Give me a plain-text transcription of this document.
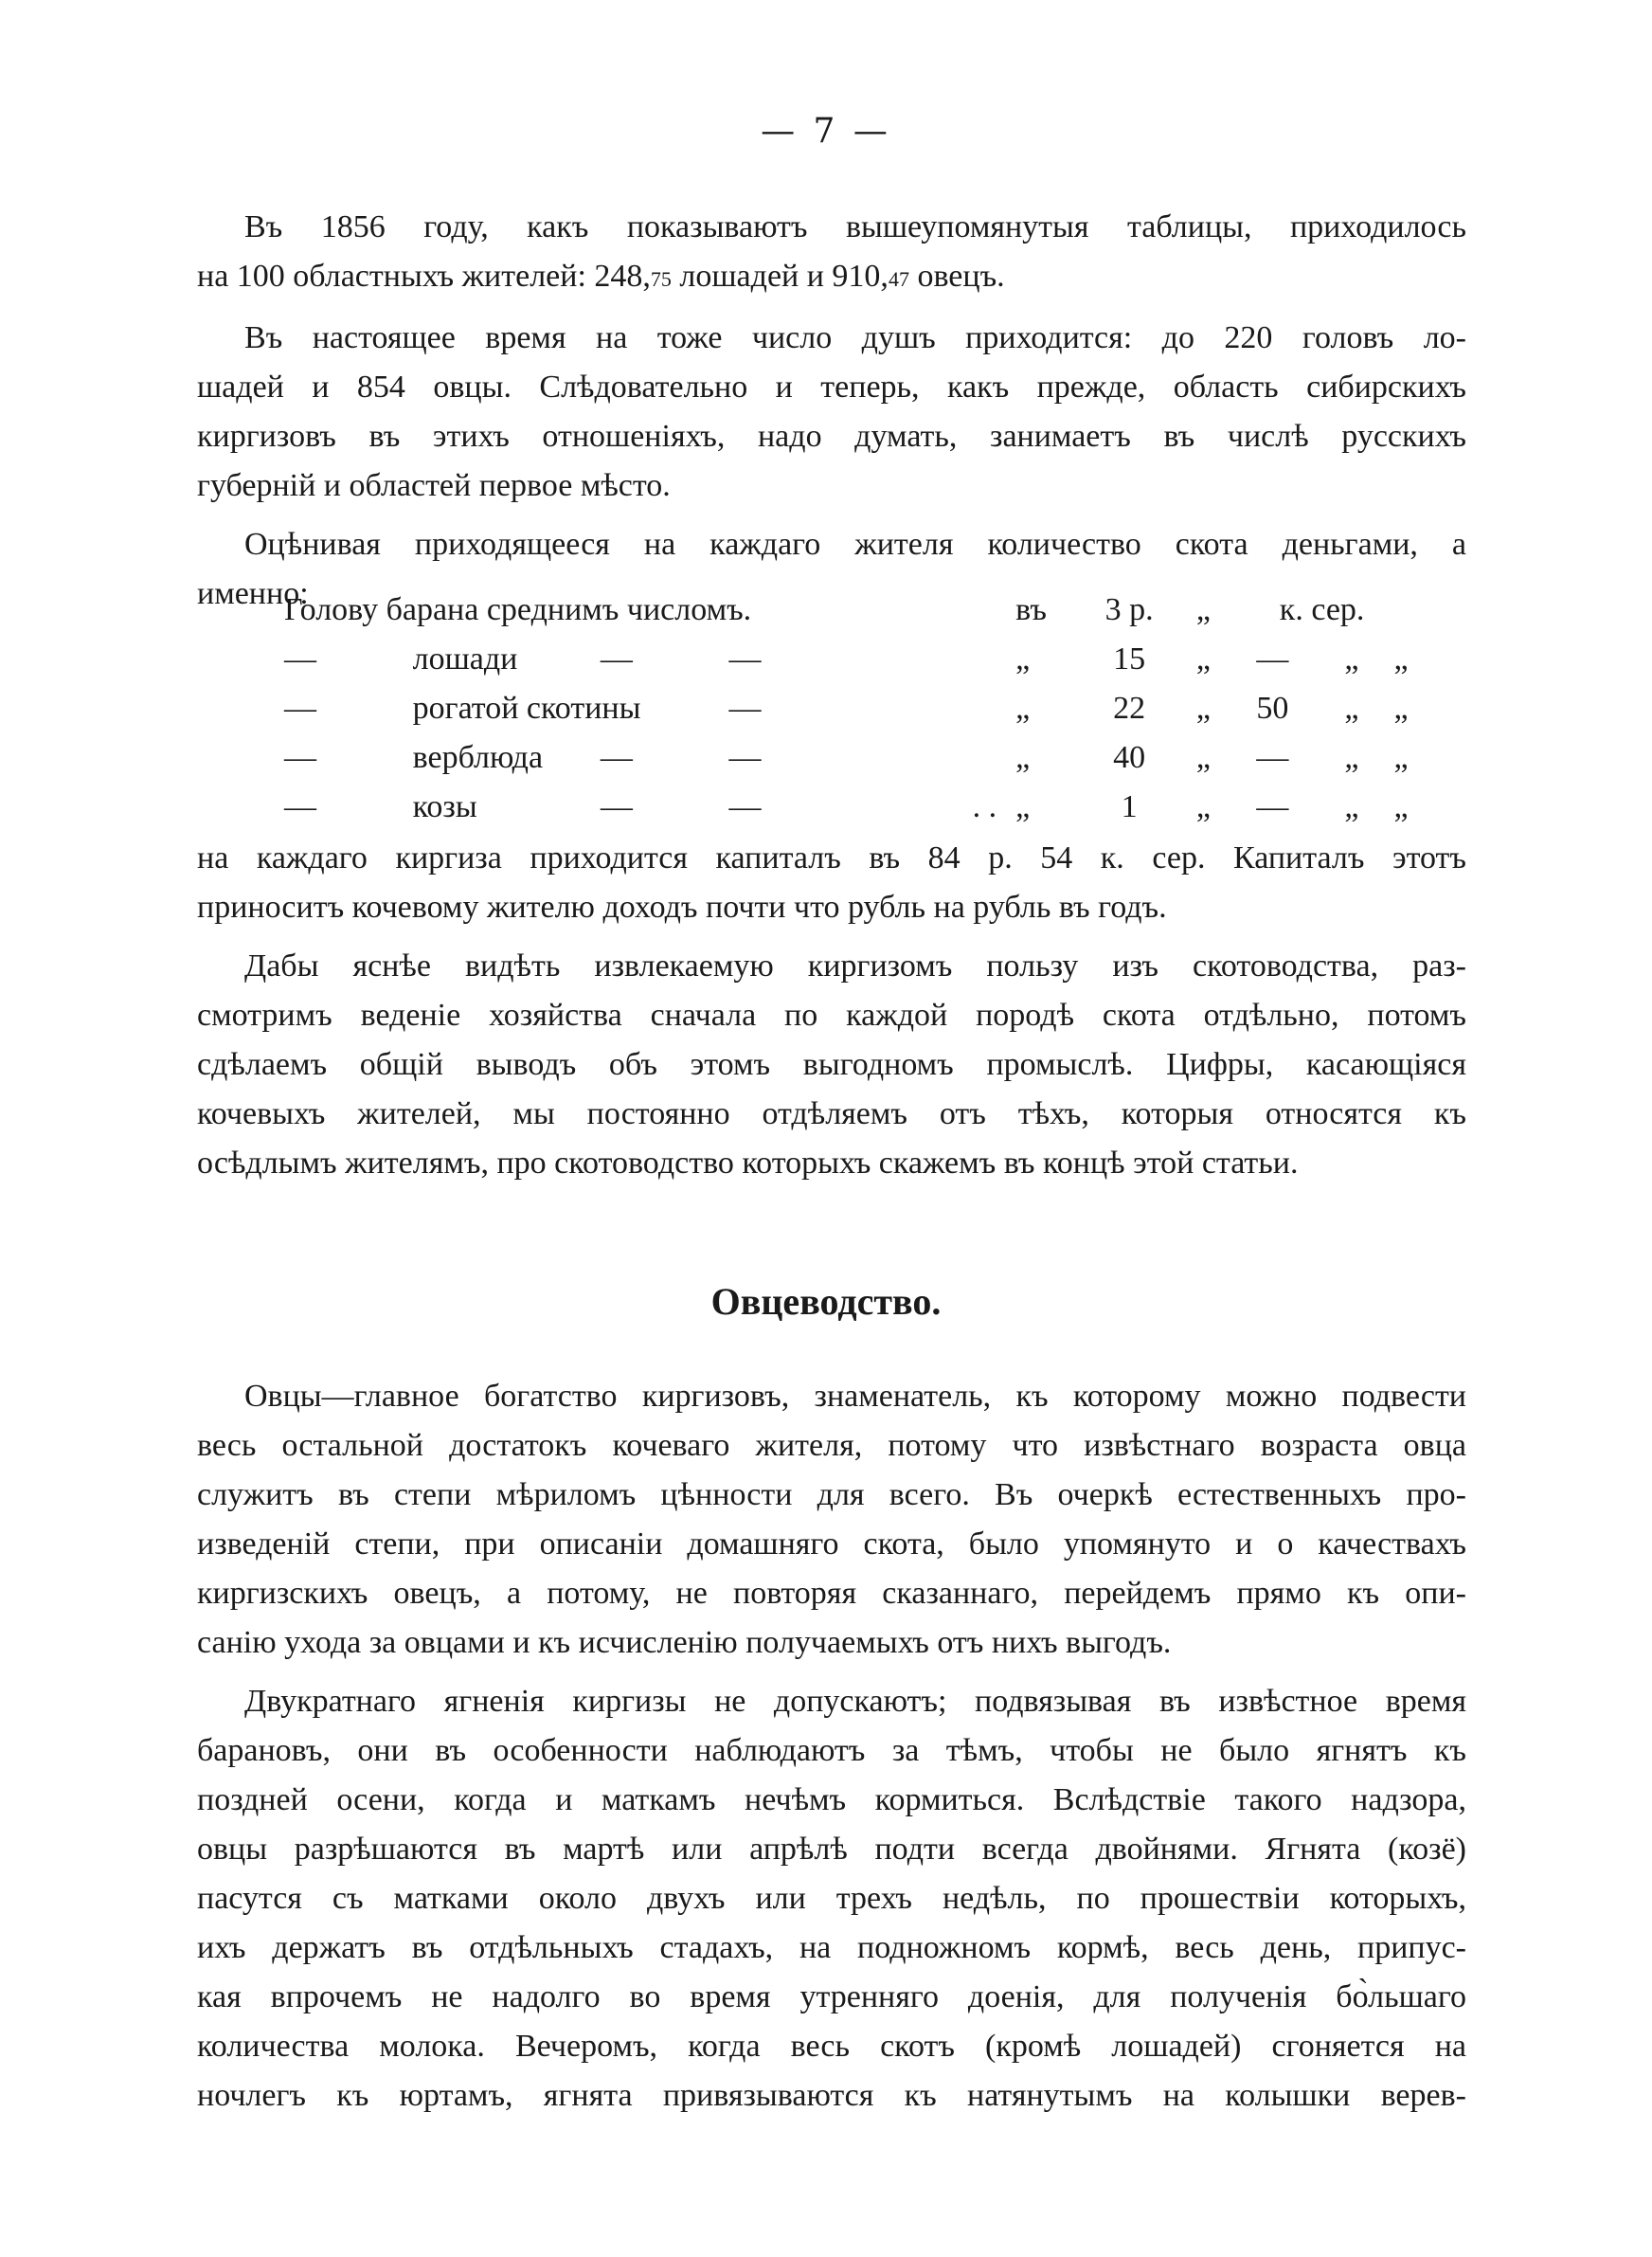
— 7 —

Въ 1856 году, какъ показываютъ вышеупомянутыя таблицы, приходилось
на 100 областныхъ жителей: 248,75 лошадей и 910,47 овецъ.

Въ настоящее время на тоже число душъ приходится: до 220 головъ ло-
шадей и 854 овцы. Слѣдовательно и теперь, какъ прежде, область сибирскихъ
киргизовъ въ этихъ отношеніяхъ, надо думать, занимаетъ въ числѣ русскихъ
губерній и областей первое мѣсто.

Оцѣнивая приходящееся на каждаго жителя количество скота деньгами, а
именно:

Голову барана среднимъ числомъ.					въ	3 р.	„	к. сер.		
—	лошади	—	—		„	15	„	—	„	„
—	рогатой скотины		—		„	22	„	50	„	„
—	верблюда	—	—		„	40	„	—	„	„
—	козы	—	—	. .	„	1	„	—	„	„

на каждаго киргиза приходится капиталъ въ 84 р. 54 к. сер. Капиталъ этотъ
приноситъ кочевому жителю доходъ почти что рубль на рубль въ годъ.

Дабы яснѣе видѣть извлекаемую киргизомъ пользу изъ скотоводства, раз-
смотримъ веденіе хозяйства сначала по каждой породѣ скота отдѣльно, потомъ
сдѣлаемъ общій выводъ объ этомъ выгодномъ промыслѣ. Цифры, касающіяся
кочевыхъ жителей, мы постоянно отдѣляемъ отъ тѣхъ, которыя относятся къ
осѣдлымъ жителямъ, про скотоводство которыхъ скажемъ въ концѣ этой статьи.

Овцеводство.

Овцы—главное богатство киргизовъ, знаменатель, къ которому можно подвести
весь остальной достатокъ кочеваго жителя, потому что извѣстнаго возраста овца
служитъ въ степи мѣриломъ цѣнности для всего. Въ очеркѣ естественныхъ про-
изведеній степи, при описаніи домашняго скота, было упомянуто и о качествахъ
киргизскихъ овецъ, а потому, не повторяя сказаннаго, перейдемъ прямо къ опи-
санію ухода за овцами и къ исчисленію получаемыхъ отъ нихъ выгодъ.

Двукратнаго ягненія киргизы не допускаютъ; подвязывая въ извѣстное время
барановъ, они въ особенности наблюдаютъ за тѣмъ, чтобы не было ягнятъ къ
поздней осени, когда и маткамъ нечѣмъ кормиться. Вслѣдствіе такого надзора,
овцы разрѣшаются въ мартѣ или апрѣлѣ подти всегда двойнями. Ягнята (козё)
пасутся съ матками около двухъ или трехъ недѣль, по прошествіи которыхъ,
ихъ держатъ въ отдѣльныхъ стадахъ, на подножномъ кормѣ, весь день, припус-
кая впрочемъ не надолго во время утренняго доенія, для полученія бо̀льшаго
количества молока. Вечеромъ, когда весь скотъ (кромѣ лошадей) сгоняется на
ночлегъ къ юртамъ, ягнята привязываются къ натянутымъ на колышки верев-
